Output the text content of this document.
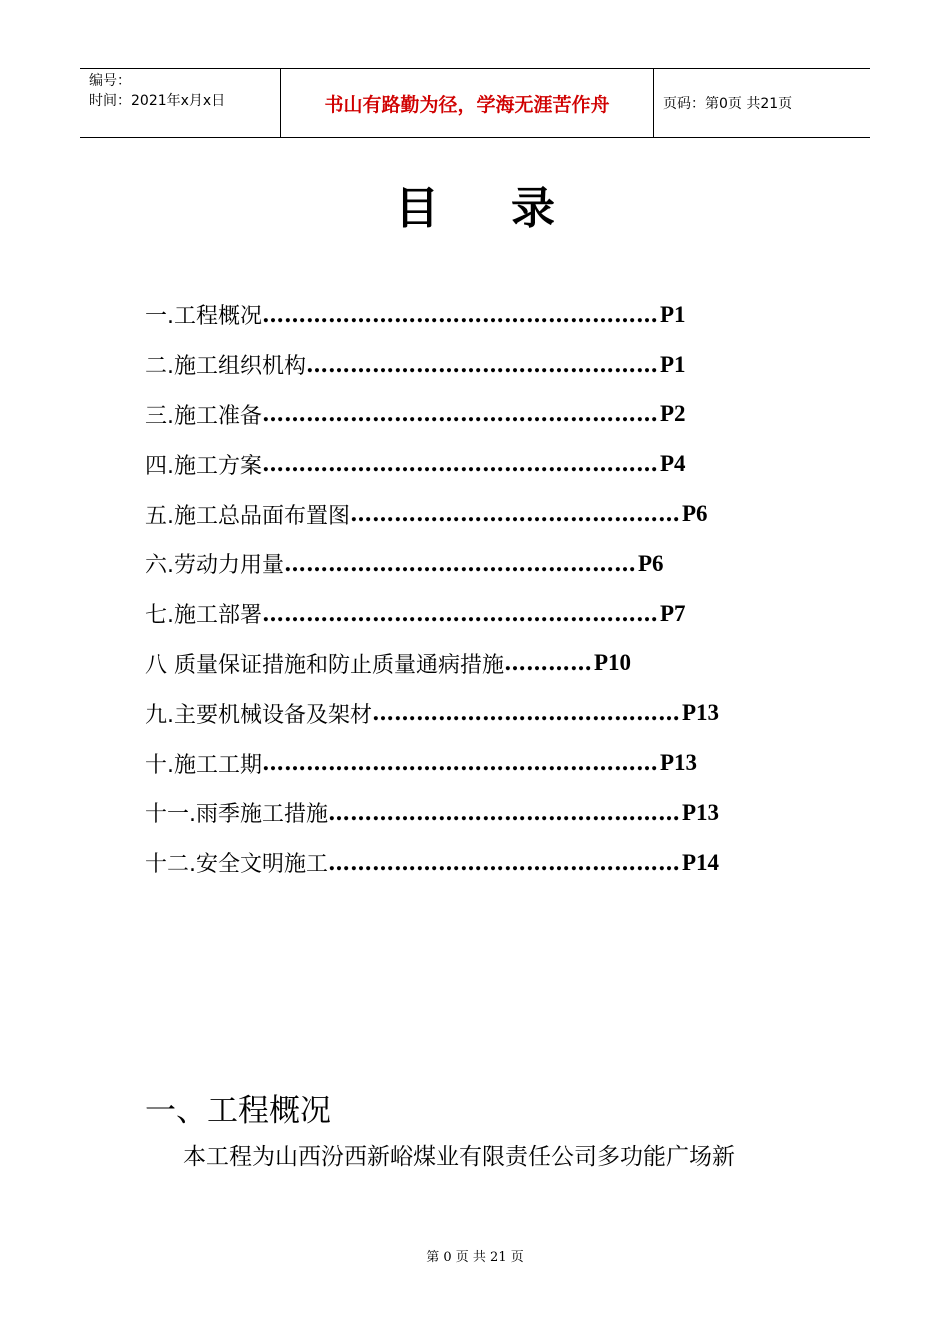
编号：
时间：2021年x月x日	书山有路勤为径，学海无涯苦作舟	页码：第0页 共21页
目录
一.工程概况 ……………………………………………… P1
二.施工组织机构 ………………………………………… P1
三.施工准备 ……………………………………………… P2
四.施工方案 ……………………………………………… P4
五.施工总品面布置图 ……………………………………… P6
六.劳动力用量 ………………………………………… P6
七.施工部署 ……………………………………………… P7
八 质量保证措施和防止质量通病措施 ………… P10
九.主要机械设备及架材 …………………………………… P13
十.施工工期 ……………………………………………… P13
十一.雨季施工措施 ………………………………………… P13
十二.安全文明施工 ………………………………………… P14
一、工程概况
本工程为山西汾西新峪煤业有限责任公司多功能广场新
第 0 页 共 21 页
